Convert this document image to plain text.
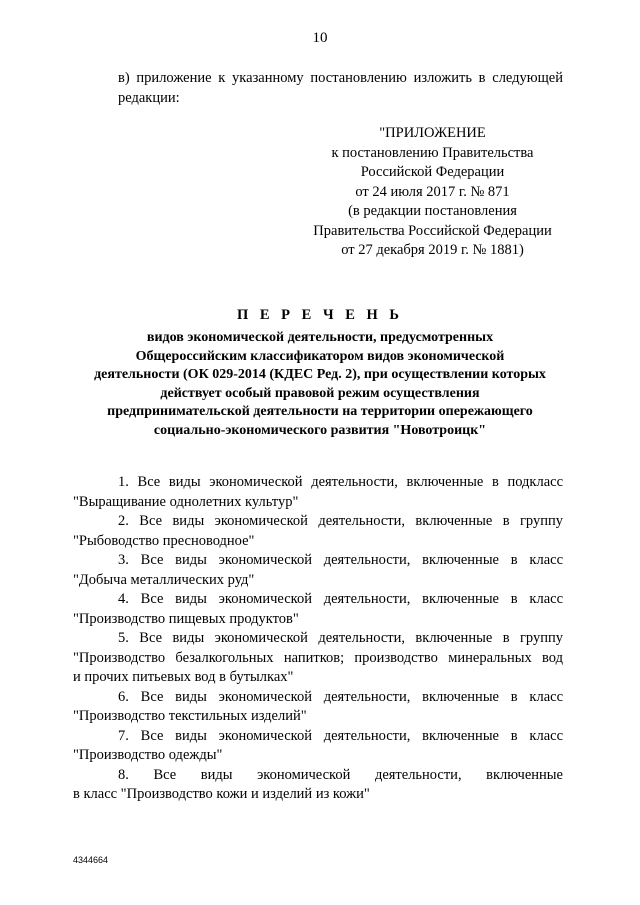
10
в) приложение к указанному постановлению изложить в следующей
редакции:
"ПРИЛОЖЕНИЕ
к постановлению Правительства
Российской Федерации
от 24 июля 2017 г. № 871
(в редакции постановления
Правительства Российской Федерации
от 27 декабря 2019 г. № 1881)
П Е Р Е Ч Е Н Ь
видов экономической деятельности, предусмотренных
Общероссийским классификатором видов экономической
деятельности (ОК 029-2014 (КДЕС Ред. 2), при осуществлении которых
действует особый правовой режим осуществления
предпринимательской деятельности на территории опережающего
социально-экономического развития "Новотроицк"
1. Все виды экономической деятельности, включенные в подкласс
"Выращивание однолетних культур"
2. Все виды экономической деятельности, включенные в группу
"Рыбоводство пресноводное"
3. Все виды экономической деятельности, включенные в класс
"Добыча металлических руд"
4. Все виды экономической деятельности, включенные в класс
"Производство пищевых продуктов"
5. Все виды экономической деятельности, включенные в группу
"Производство безалкогольных напитков; производство минеральных вод
и прочих питьевых вод в бутылках"
6. Все виды экономической деятельности, включенные в класс
"Производство текстильных изделий"
7. Все виды экономической деятельности, включенные в класс
"Производство одежды"
8. Все виды экономической деятельности, включенные
в класс "Производство кожи и изделий из кожи"
4344664
